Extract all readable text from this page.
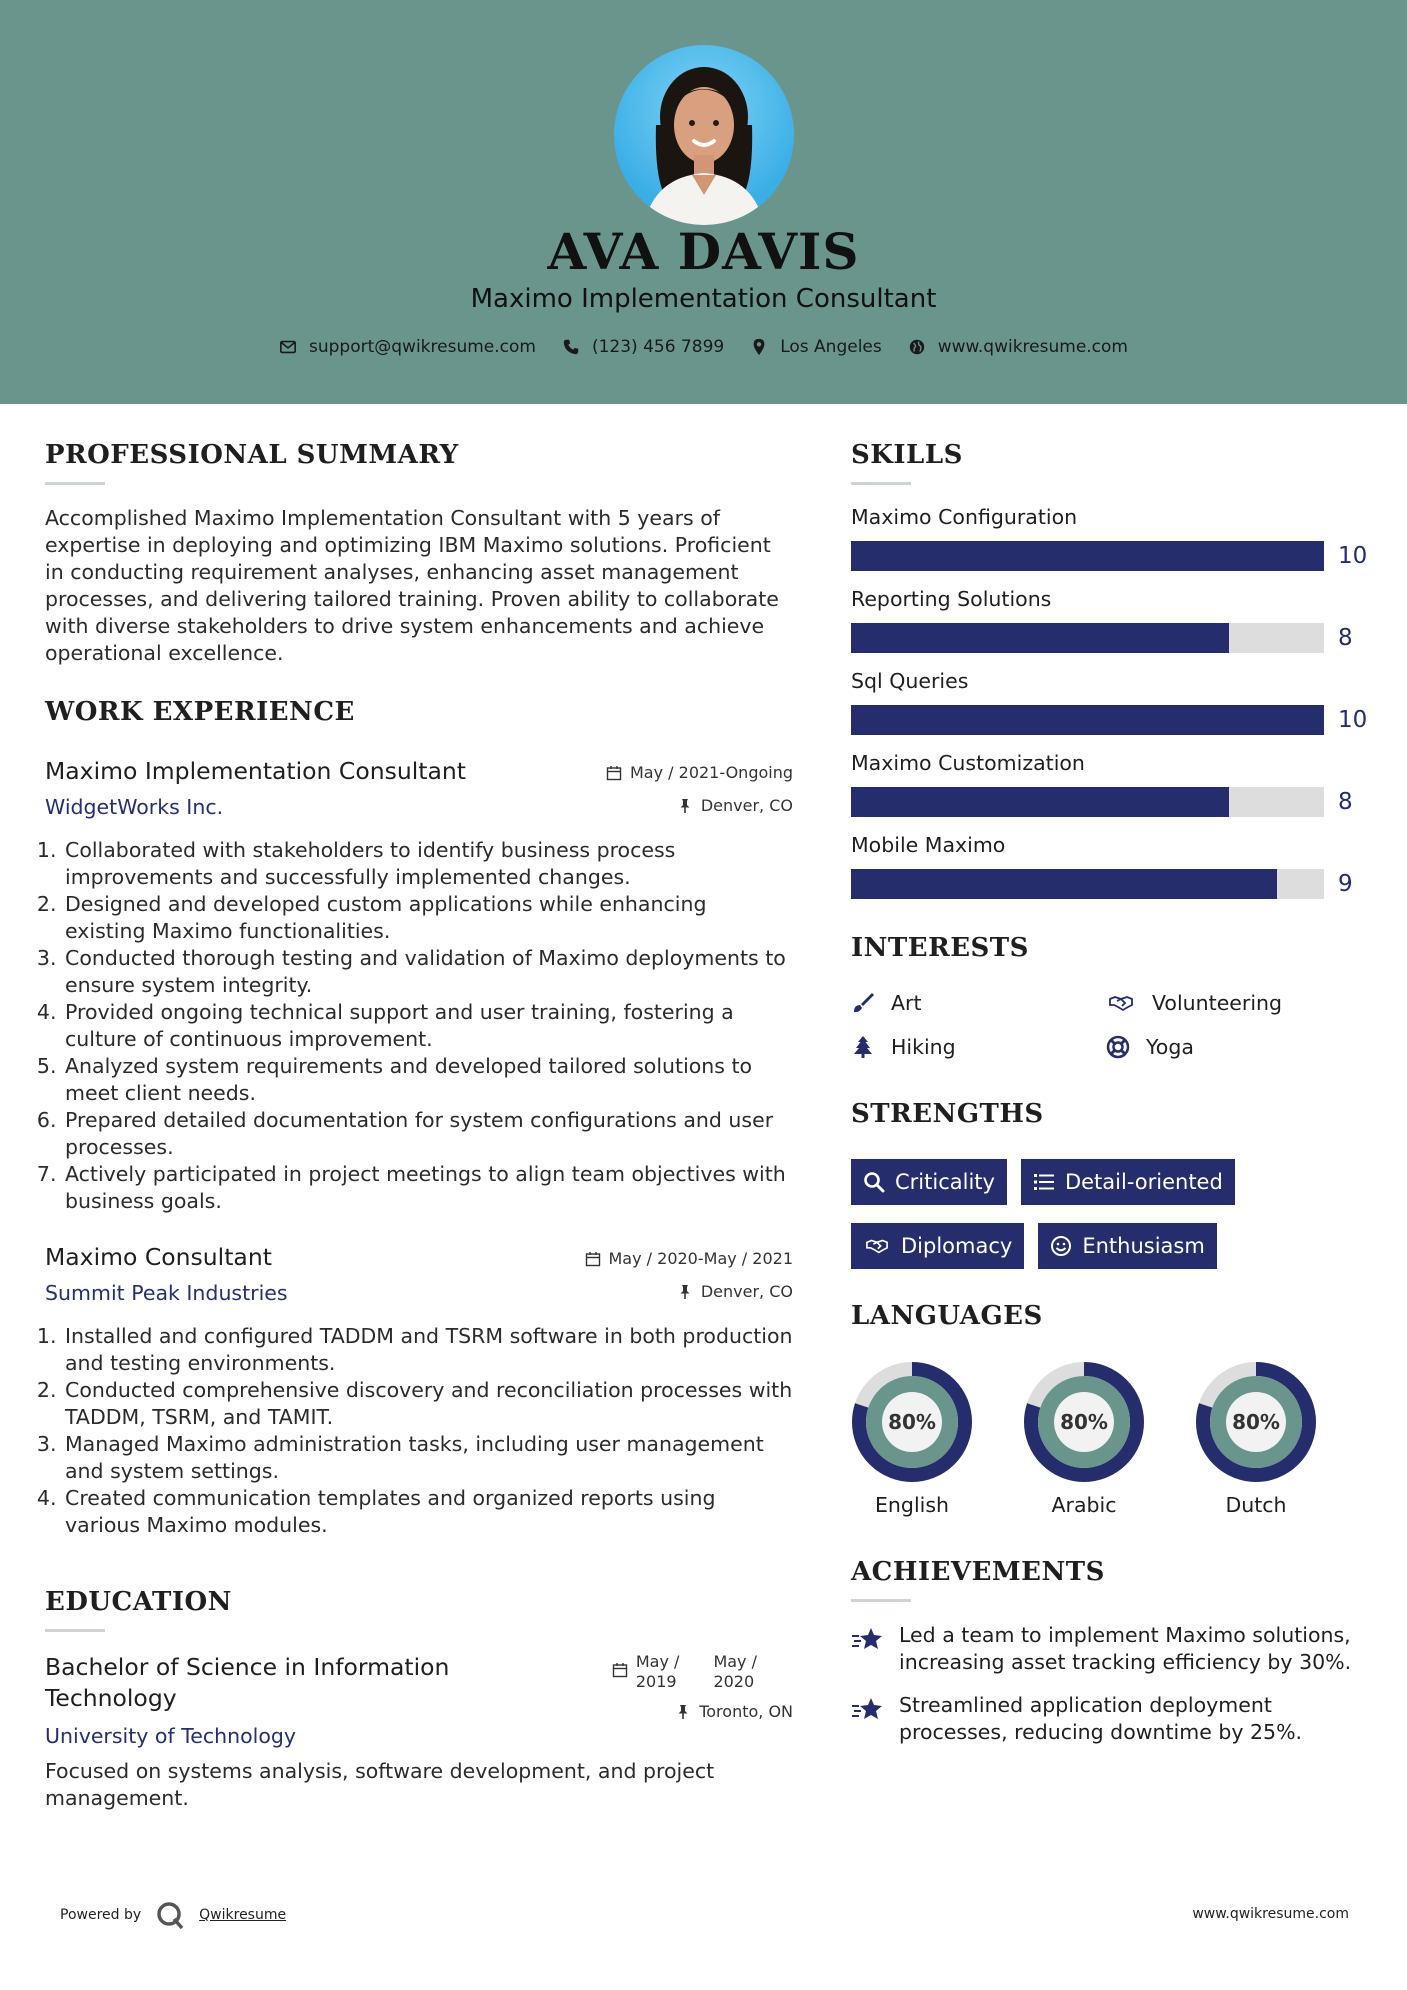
AVA DAVIS
Maximo Implementation Consultant
support@qwikresume.com	(123) 456 7899	Los Angeles	www.qwikresume.com
PROFESSIONAL SUMMARY

Accomplished Maximo Implementation Consultant with 5 years of expertise in deploying and optimizing IBM Maximo solutions. Proficient in conducting requirement analyses, enhancing asset management processes, and delivering tailored training. Proven ability to collaborate with diverse stakeholders to drive system enhancements and achieve operational excellence.

WORK EXPERIENCE
Maximo Implementation Consultant
WidgetWorks Inc.
May / 2021-Ongoing
Denver, CO
1. Collaborated with stakeholders to identify business process improvements and successfully implemented changes.
2. Designed and developed custom applications while enhancing existing Maximo functionalities.
3. Conducted thorough testing and validation of Maximo deployments to ensure system integrity.
4. Provided ongoing technical support and user training, fostering a culture of continuous improvement.
5. Analyzed system requirements and developed tailored solutions to meet client needs.
6. Prepared detailed documentation for system configurations and user processes.
7. Actively participated in project meetings to align team objectives with business goals.
Maximo Consultant
Summit Peak Industries
May / 2020-May / 2021
Denver, CO
1. Installed and configured TADDM and TSRM software in both production and testing environments.
2. Conducted comprehensive discovery and reconciliation processes with TADDM, TSRM, and TAMIT.
3. Managed Maximo administration tasks, including user management and system settings.
4. Created communication templates and organized reports using various Maximo modules.
EDUCATION
Bachelor of Science in Information Technology
University of Technology
May /
2019
May /
2020
Toronto, ON

Focused on systems analysis, software development, and project management.

SKILLS
Maximo Configuration
10
Reporting Solutions
8
Sql Queries
10
Maximo Customization
8
Mobile Maximo
9
INTERESTS
Art	Volunteering
Hiking	Yoga
STRENGTHS
Criticality	Detail-oriented
Diplomacy	Enthusiasm
LANGUAGES
80%
English
80%
Arabic
80%
Dutch
ACHIEVEMENTS
Led a team to implement Maximo solutions, increasing asset tracking efficiency by 30%.
Streamlined application deployment processes, reducing downtime by 25%.
Powered by	Qwikresume	www.qwikresume.com
